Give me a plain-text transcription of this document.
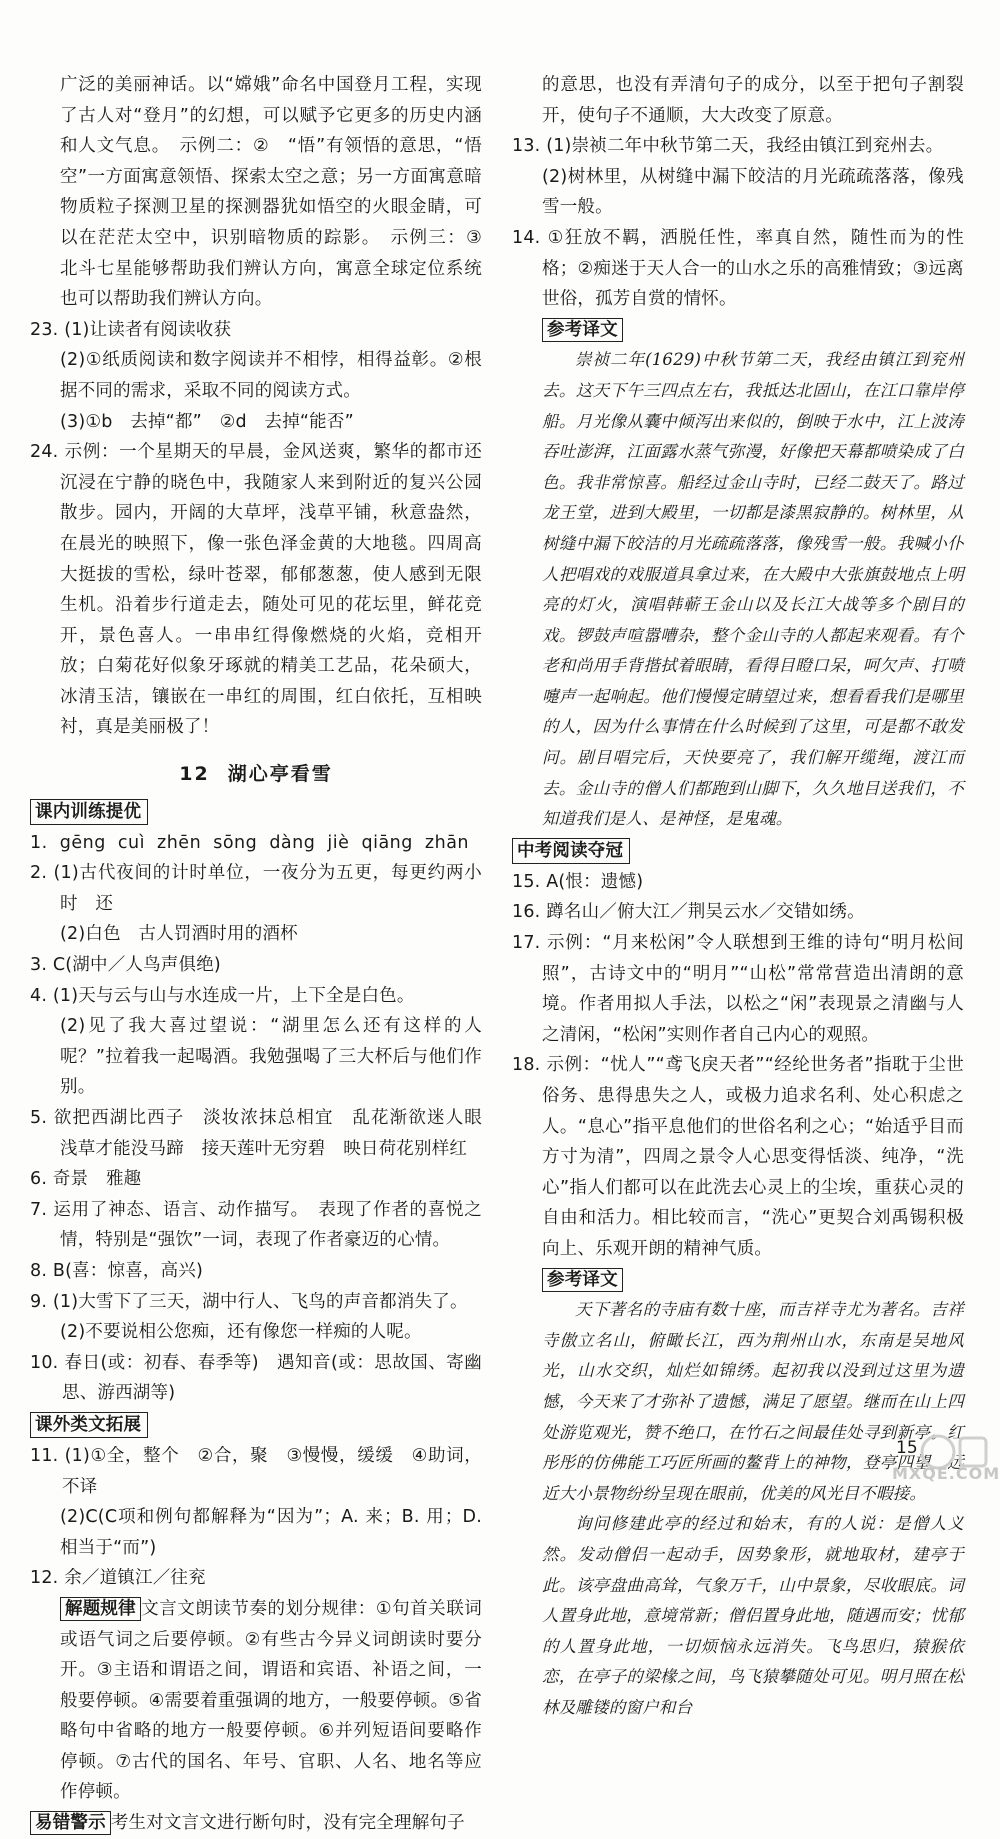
广泛的美丽神话。以“嫦娥”命名中国登月工程，实现了古人对“登月”的幻想，可以赋予它更多的历史内涵和人文气息。　示例二：②　“悟”有领悟的意思，“悟空”一方面寓意领悟、探索太空之意；另一方面寓意暗物质粒子探测卫星的探测器犹如悟空的火眼金睛，可以在茫茫太空中，识别暗物质的踪影。　示例三：③　北斗七星能够帮助我们辨认方向，寓意全球定位系统也可以帮助我们辨认方向。

23. (1)让读者有阅读收获

(2)①纸质阅读和数字阅读并不相悖，相得益彰。②根据不同的需求，采取不同的阅读方式。

(3)①b　去掉“都”　②d　去掉“能否”

24. 示例：一个星期天的早晨，金风送爽，繁华的都市还沉浸在宁静的晓色中，我随家人来到附近的复兴公园散步。园内，开阔的大草坪，浅草平铺，秋意盎然，在晨光的映照下，像一张色泽金黄的大地毯。四周高大挺拔的雪松，绿叶苍翠，郁郁葱葱，使人感到无限生机。沿着步行道走去，随处可见的花坛里，鲜花竞开，景色喜人。一串串红得像燃烧的火焰，竞相开放；白菊花好似象牙琢就的精美工艺品，花朵硕大，冰清玉洁，镶嵌在一串红的周围，红白依托，互相映衬，真是美丽极了！

12 湖心亭看雪
课内训练提优

1. gēng cuì zhēn sōng dàng jiè qiāng zhān

2. (1)古代夜间的计时单位，一夜分为五更，每更约两小时　还

(2)白色　古人罚酒时用的酒杯

3. C(湖中／人鸟声俱绝)

4. (1)天与云与山与水连成一片，上下全是白色。

(2)见了我大喜过望说：“湖里怎么还有这样的人呢？”拉着我一起喝酒。我勉强喝了三大杯后与他们作别。

5. 欲把西湖比西子　淡妆浓抹总相宜　乱花渐欲迷人眼　浅草才能没马蹄　接天莲叶无穷碧　映日荷花别样红

6. 奇景　雅趣

7. 运用了神态、语言、动作描写。　表现了作者的喜悦之情，特别是“强饮”一词，表现了作者豪迈的心情。

8. B(喜：惊喜，高兴)

9. (1)大雪下了三天，湖中行人、飞鸟的声音都消失了。

(2)不要说相公您痴，还有像您一样痴的人呢。

10. 春日(或：初春、春季等)　遇知音(或：思故国、寄幽思、游西湖等)

课外类文拓展

11. (1)①全，整个　②合，聚　③慢慢，缓缓　④助词，不译

(2)C(C项和例句都解释为“因为”；A. 来；B. 用；D. 相当于“而”)

12. 余／道镇江／往兖

解题规律 文言文朗读节奏的划分规律：①句首关联词或语气词之后要停顿。②有些古今异义词朗读时要分开。③主语和谓语之间，谓语和宾语、补语之间，一般要停顿。④需要着重强调的地方，一般要停顿。⑤省略句中省略的地方一般要停顿。⑥并列短语间要略作停顿。⑦古代的国名、年号、官职、人名、地名等应作停顿。

易错警示 考生对文言文进行断句时，没有完全理解句子

的意思，也没有弄清句子的成分，以至于把句子割裂开，使句子不通顺，大大改变了原意。

13. (1)崇祯二年中秋节第二天，我经由镇江到兖州去。

(2)树林里，从树缝中漏下皎洁的月光疏疏落落，像残雪一般。

14. ①狂放不羁，洒脱任性，率真自然，随性而为的性格；②痴迷于天人合一的山水之乐的高雅情致；③远离世俗，孤芳自赏的情怀。

参考译文

崇祯二年(1629)中秋节第二天，我经由镇江到兖州去。这天下午三四点左右，我抵达北固山，在江口靠岸停船。月光像从囊中倾泻出来似的，倒映于水中，江上波涛吞吐澎湃，江面露水蒸气弥漫，好像把天幕都喷染成了白色。我非常惊喜。船经过金山寺时，已经二鼓天了。路过龙王堂，进到大殿里，一切都是漆黑寂静的。树林里，从树缝中漏下皎洁的月光疏疏落落，像残雪一般。我喊小仆人把唱戏的戏服道具拿过来，在大殿中大张旗鼓地点上明亮的灯火，演唱韩蕲王金山以及长江大战等多个剧目的戏。锣鼓声喧嚣嘈杂，整个金山寺的人都起来观看。有个老和尚用手背揩拭着眼睛，看得目瞪口呆，呵欠声、打喷嚏声一起响起。他们慢慢定睛望过来，想看看我们是哪里的人，因为什么事情在什么时候到了这里，可是都不敢发问。剧目唱完后，天快要亮了，我们解开缆绳，渡江而去。金山寺的僧人们都跑到山脚下，久久地目送我们，不知道我们是人、是神怪，是鬼魂。

中考阅读夺冠

15. A(恨：遗憾)

16. 蹲名山／俯大江／荆吴云水／交错如绣。

17. 示例：“月来松闲”令人联想到王维的诗句“明月松间照”，古诗文中的“明月”“山松”常常营造出清朗的意境。作者用拟人手法，以松之“闲”表现景之清幽与人之清闲，“松闲”实则作者自己内心的观照。

18. 示例：“忧人”“鸢飞戾天者”“经纶世务者”指耽于尘世俗务、患得患失之人，或极力追求名利、处心积虑之人。“息心”指平息他们的世俗名利之心；“始适乎目而方寸为清”，四周之景令人心思变得恬淡、纯净，“洗心”指人们都可以在此洗去心灵上的尘埃，重获心灵的自由和活力。相比较而言，“洗心”更契合刘禹锡积极向上、乐观开朗的精神气质。

参考译文

天下著名的寺庙有数十座，而吉祥寺尤为著名。吉祥寺傲立名山，俯瞰长江，西为荆州山水，东南是吴地风光，山水交织，灿烂如锦绣。起初我以没到过这里为遗憾，今天来了才弥补了遗憾，满足了愿望。继而在山上四处游览观光，赞不绝口，在竹石之间最佳处寻到新亭。红彤彤的仿佛能工巧匠所画的鳌背上的神物，登亭四望，远近大小景物纷纷呈现在眼前，优美的风光目不暇接。

询问修建此亭的经过和始末，有的人说：是僧人义然。发动僧侣一起动手，因势象形，就地取材，建亭于此。该亭盘曲高耸，气象万千，山中景象，尽收眼底。词人置身此地，意境常新；僧侣置身此地，随遇而安；忧郁的人置身此地，一切烦恼永远消失。飞鸟思归，猿猴依恋，在亭子的梁椽之间，鸟飞猿攀随处可见。明月照在松林及雕镂的窗户和台

15
MXQE.COM
